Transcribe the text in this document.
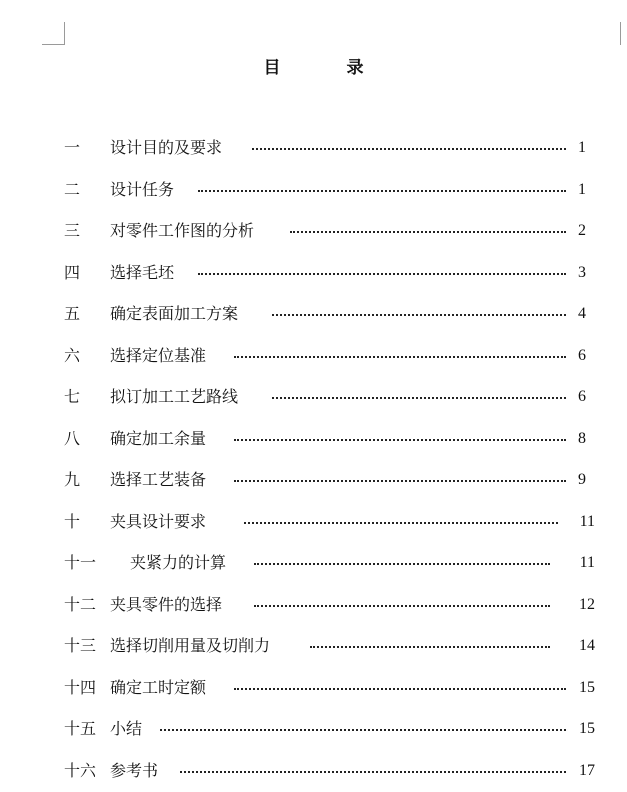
目 录
一 设计目的及要求	1
二 设计任务	1
三 对零件工作图的分析	2
四 选择毛坯	3
五 确定表面加工方案	4
六 选择定位基准	6
七 拟订加工工艺路线	6
八 确定加工余量	8
九 选择工艺装备	9
十 夹具设计要求	11
十一 夹紧力的计算	11
十二 夹具零件的选择	12
十三 选择切削用量及切削力	14
十四 确定工时定额	15
十五 小结	15
十六 参考书	17
